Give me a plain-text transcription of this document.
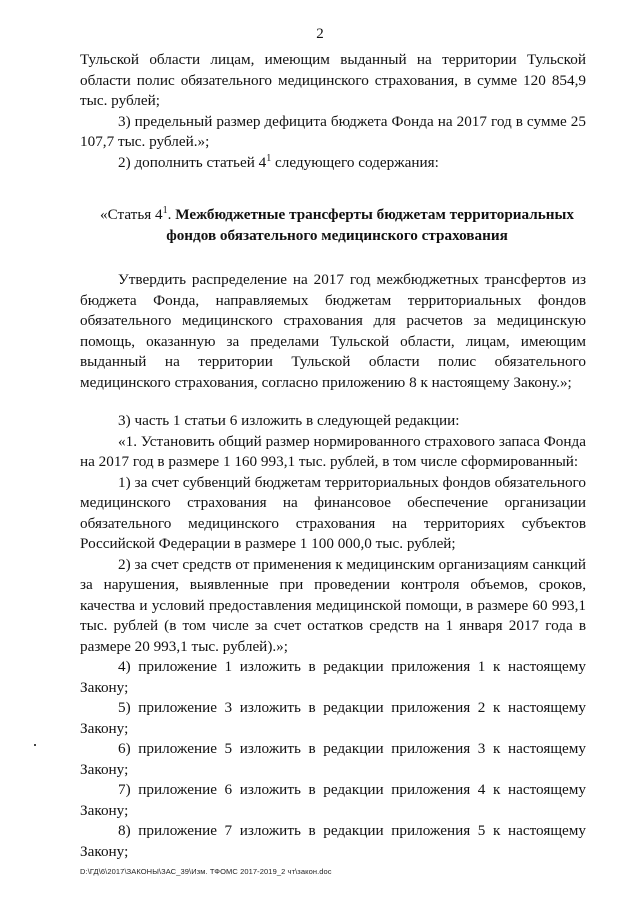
2

Тульской области лицам, имеющим выданный на территории Тульской области полис обязательного медицинского страхования, в сумме 120 854,9 тыс. рублей;

3) предельный размер дефицита бюджета Фонда на 2017 год в сумме 25 107,7 тыс. рублей.»;

2) дополнить статьей $4^1$ следующего содержания:

«Статья $4^1$. Межбюджетные трансферты бюджетам территориальных фондов обязательного медицинского страхования

Утвердить распределение на 2017 год межбюджетных трансфертов из бюджета Фонда, направляемых бюджетам территориальных фондов обязательного медицинского страхования для расчетов за медицинскую помощь, оказанную за пределами Тульской области, лицам, имеющим выданный на территории Тульской области полис обязательного медицинского страхования, согласно приложению 8 к настоящему Закону.»;

3) часть 1 статьи 6 изложить в следующей редакции:

«1. Установить общий размер нормированного страхового запаса Фонда на 2017 год в размере 1 160 993,1 тыс. рублей, в том числе сформированный:

1) за счет субвенций бюджетам территориальных фондов обязательного медицинского страхования на финансовое обеспечение организации обязательного медицинского страхования на территориях субъектов Российской Федерации в размере 1 100 000,0 тыс. рублей;

2) за счет средств от применения к медицинским организациям санкций за нарушения, выявленные при проведении контроля объемов, сроков, качества и условий предоставления медицинской помощи, в размере 60 993,1 тыс. рублей (в том числе за счет остатков средств на 1 января 2017 года в размере 20 993,1 тыс. рублей).»;

4) приложение 1 изложить в редакции приложения 1 к настоящему Закону;

5) приложение 3 изложить в редакции приложения 2 к настоящему Закону;

6) приложение 5 изложить в редакции приложения 3 к настоящему Закону;

7) приложение 6 изложить в редакции приложения 4 к настоящему Закону;

8) приложение 7 изложить в редакции приложения 5 к настоящему Закону;

D:\ГД\6\2017\ЗАКОНЫ\ЗАС_39\Изм. ТФОМС 2017-2019_2 чт\закон.doc
